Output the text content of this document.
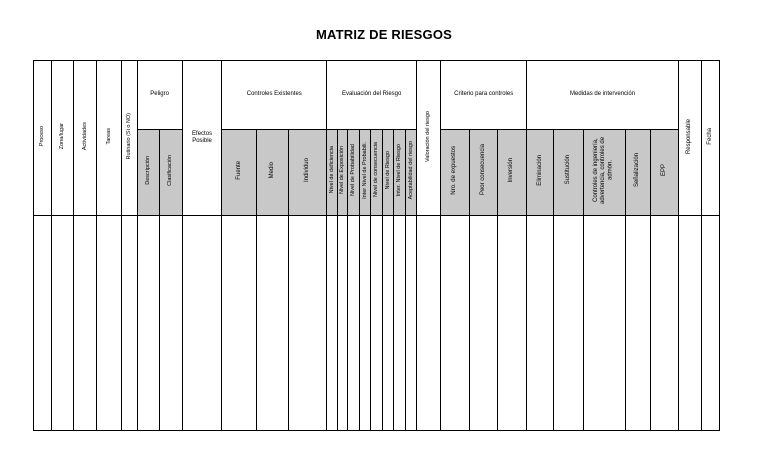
MATRIZ DE RIESGOS
Proceso	Zona/lugar	Actividades	Tareas	Rutinario (Si o NO)	Peligro		Efectos Posible	Controles Existentes			Evaluación del Riesgo								Valoración del riesgo	Criterio para controles			Medidas de intervención					Responsable	Fecha
					Descripción	Clasificación		Fuente	Medio	Individuo	Nivel de deficiencia	Nivel de Exposición	Nivel de Probabilidad	Inter Nivel de Probabili.	Nivel de consecuencia	Nivel de Riesgo	Inter. Nivel de Riesgo	Aceptabilidad del riesgo		Nro. de expuestos	Peor consecuencia	Inversión	Eliminación	Sustitución	Controles de ingeniería, advertencia, controles de admón.	Señalización	EPP		
